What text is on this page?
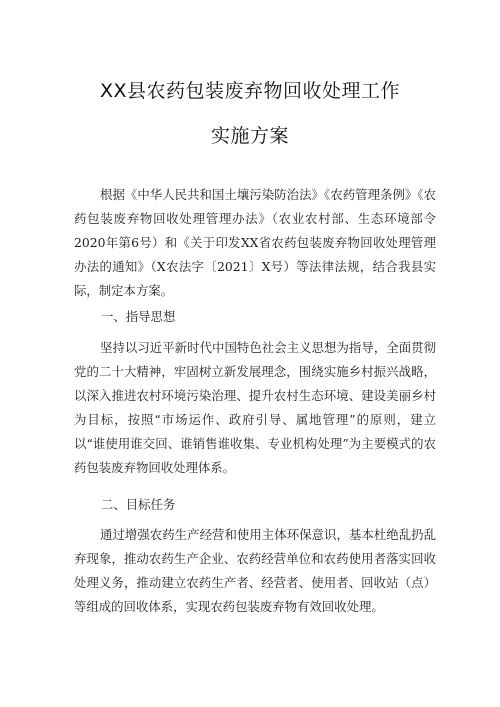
XX县农药包装废弃物回收处理工作
实施方案
根据《中华人民共和国土壤污染防治法》《农药管理条例》《农药包装废弃物回收处理管理办法》（农业农村部、生态环境部令2020年第6号）和《关于印发XX省农药包装废弃物回收处理管理办法的通知》（X农法字〔2021〕X号）等法律法规，结合我县实际，制定本方案。
一、指导思想
坚持以习近平新时代中国特色社会主义思想为指导，全面贯彻党的二十大精神，牢固树立新发展理念，围绕实施乡村振兴战略，以深入推进农村环境污染治理、提升农村生态环境、建设美丽乡村为目标，按照“市场运作、政府引导、属地管理”的原则，建立以“谁使用谁交回、谁销售谁收集、专业机构处理”为主要模式的农药包装废弃物回收处理体系。
二、目标任务
通过增强农药生产经营和使用主体环保意识，基本杜绝乱扔乱弃现象，推动农药生产企业、农药经营单位和农药使用者落实回收处理义务，推动建立农药生产者、经营者、使用者、回收站（点）等组成的回收体系，实现农药包装废弃物有效回收处理。
